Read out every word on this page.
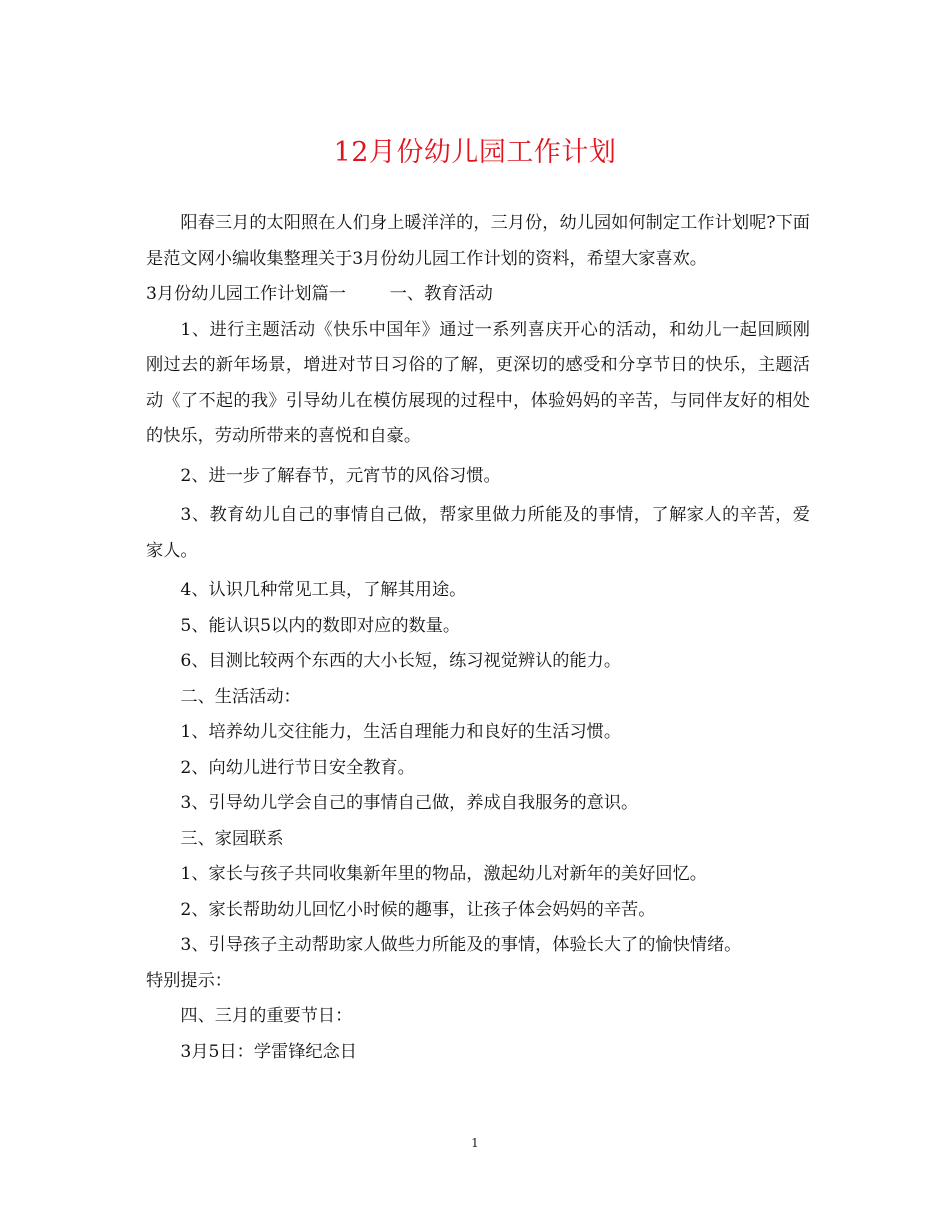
12月份幼儿园工作计划

阳春三月的太阳照在人们身上暖洋洋的，三月份，幼儿园如何制定工作计划呢?下面是范文网小编收集整理关于3月份幼儿园工作计划的资料，希望大家喜欢。

3月份幼儿园工作计划篇一        一、教育活动

1、进行主题活动《快乐中国年》通过一系列喜庆开心的活动，和幼儿一起回顾刚刚过去的新年场景，增进对节日习俗的了解，更深切的感受和分享节日的快乐，主题活动《了不起的我》引导幼儿在模仿展现的过程中，体验妈妈的辛苦，与同伴友好的相处的快乐，劳动所带来的喜悦和自豪。

2、进一步了解春节，元宵节的风俗习惯。

3、教育幼儿自己的事情自己做，帮家里做力所能及的事情，了解家人的辛苦，爱家人。

4、认识几种常见工具，了解其用途。

5、能认识5以内的数即对应的数量。

6、目测比较两个东西的大小长短，练习视觉辨认的能力。

二、生活活动：

1、培养幼儿交往能力，生活自理能力和良好的生活习惯。

2、向幼儿进行节日安全教育。

3、引导幼儿学会自己的事情自己做，养成自我服务的意识。

三、家园联系

1、家长与孩子共同收集新年里的物品，激起幼儿对新年的美好回忆。

2、家长帮助幼儿回忆小时候的趣事，让孩子体会妈妈的辛苦。

3、引导孩子主动帮助家人做些力所能及的事情，体验长大了的愉快情绪。

特别提示：

四、三月的重要节日：

3月5日：学雷锋纪念日

1
